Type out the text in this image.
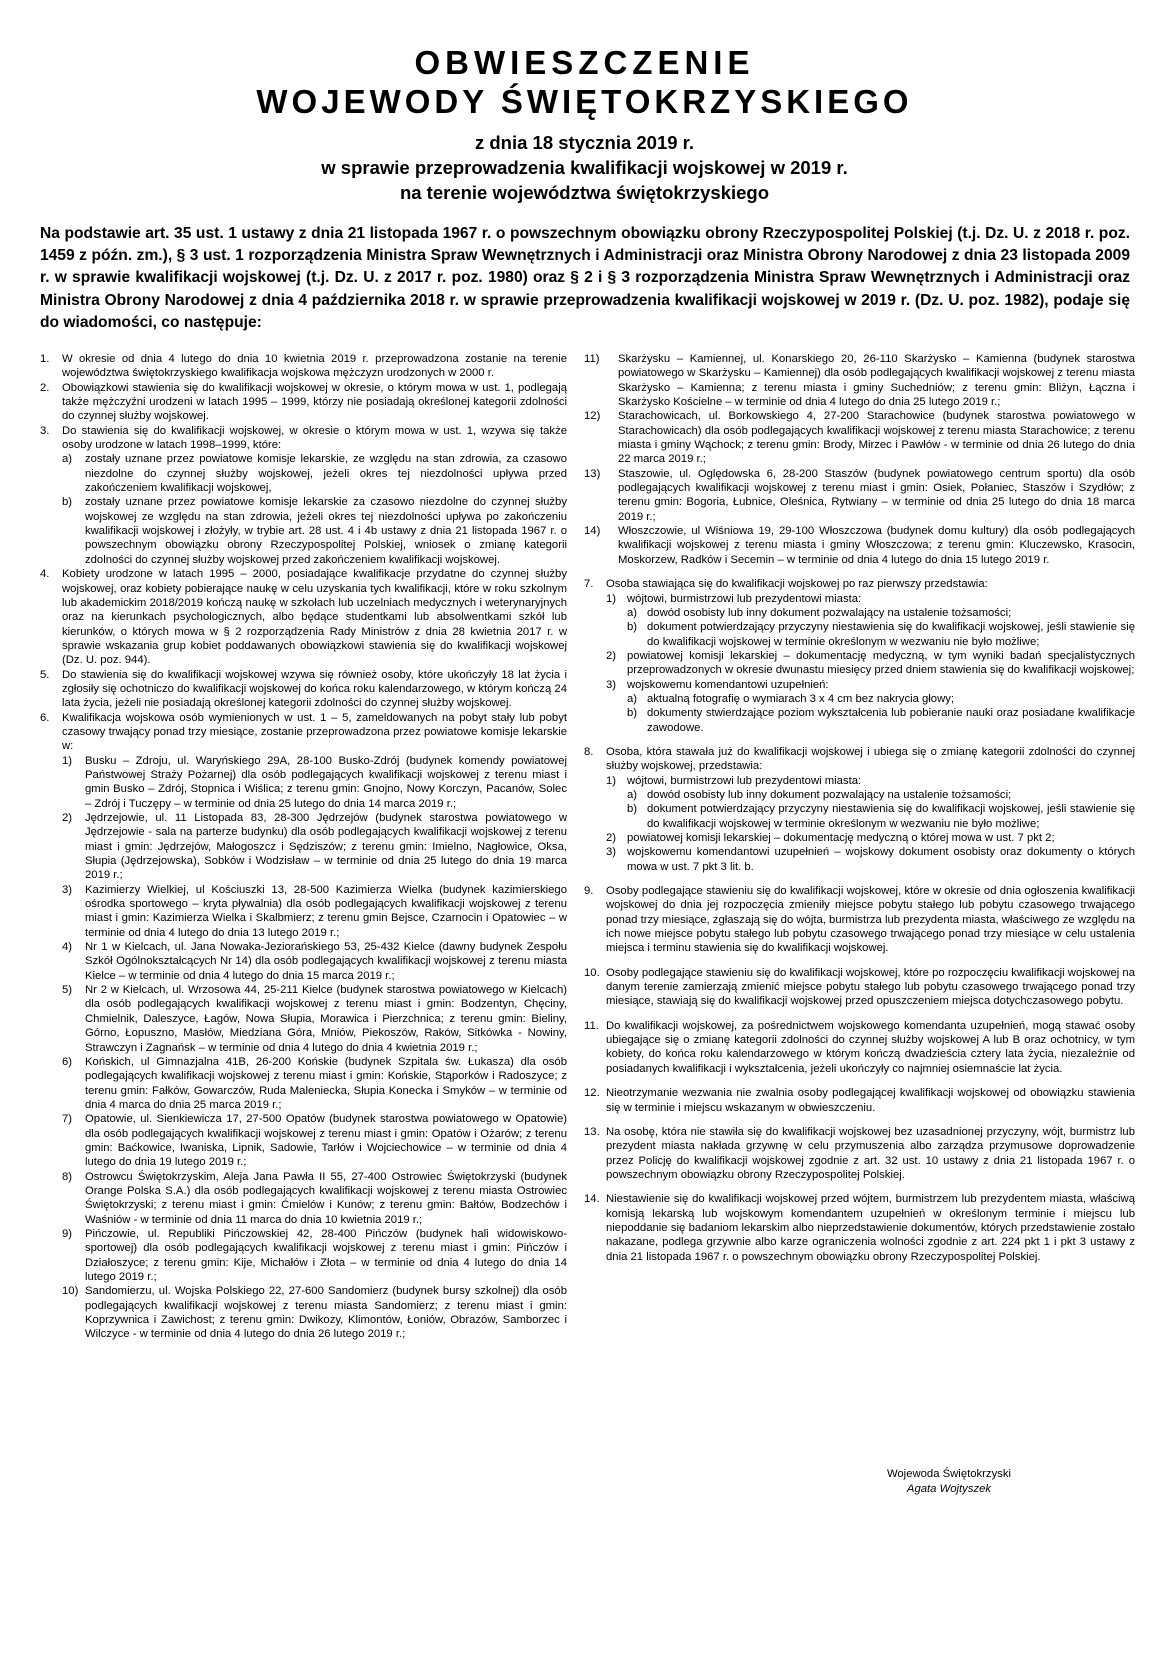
OBWIESZCZENIE
WOJEWODY ŚWIĘTOKRZYSKIEGO
z dnia 18 stycznia 2019 r.
w sprawie przeprowadzenia kwalifikacji wojskowej w 2019 r.
na terenie województwa świętokrzyskiego
Na podstawie art. 35 ust. 1 ustawy z dnia 21 listopada 1967 r. o powszechnym obowiązku obrony Rzeczypospolitej Polskiej (t.j. Dz. U. z 2018 r. poz. 1459 z późn. zm.), § 3 ust. 1 rozporządzenia Ministra Spraw Wewnętrznych i Administracji oraz Ministra Obrony Narodowej z dnia 23 listopada 2009 r. w sprawie kwalifikacji wojskowej (t.j. Dz. U. z 2017 r. poz. 1980) oraz § 2 i § 3 rozporządzenia Ministra Spraw Wewnętrznych i Administracji oraz Ministra Obrony Narodowej z dnia 4 października 2018 r. w sprawie przeprowadzenia kwalifikacji wojskowej w 2019 r. (Dz. U. poz. 1982), podaje się do wiadomości, co następuje:
1. W okresie od dnia 4 lutego do dnia 10 kwietnia 2019 r. przeprowadzona zostanie na terenie województwa świętokrzyskiego kwalifikacja wojskowa mężczyzn urodzonych w 2000 r.
2. Obowiązkowi stawienia się do kwalifikacji wojskowej w okresie, o którym mowa w ust. 1, podlegają także mężczyźni urodzeni w latach 1995 – 1999, którzy nie posiadają określonej kategorii zdolności do czynnej służby wojskowej.
3. Do stawienia się do kwalifikacji wojskowej, w okresie o którym mowa w ust. 1, wzywa się także osoby urodzone w latach 1998–1999, które:
a) zostały uznane przez powiatowe komisje lekarskie, ze względu na stan zdrowia, za czasowo niezdolne do czynnej służby wojskowej, jeżeli okres tej niezdolności upływa przed zakończeniem kwalifikacji wojskowej,
b) zostały uznane przez powiatowe komisje lekarskie za czasowo niezdolne do czynnej służby wojskowej ze względu na stan zdrowia, jeżeli okres tej niezdolności upływa po zakończeniu kwalifikacji wojskowej i złożyły, w trybie art. 28 ust. 4 i 4b ustawy z dnia 21 listopada 1967 r. o powszechnym obowiązku obrony Rzeczypospolitej Polskiej, wniosek o zmianę kategorii zdolności do czynnej służby wojskowej przed zakończeniem kwalifikacji wojskowej.
4. Kobiety urodzone w latach 1995 – 2000, posiadające kwalifikacje przydatne do czynnej służby wojskowej, oraz kobiety pobierające naukę w celu uzyskania tych kwalifikacji, które w roku szkolnym lub akademickim 2018/2019 kończą naukę w szkołach lub uczelniach medycznych i weterynaryjnych oraz na kierunkach psychologicznych, albo będące studentkami lub absolwentkami szkół lub kierunków, o których mowa w § 2 rozporządzenia Rady Ministrów z dnia 28 kwietnia 2017 r. w sprawie wskazania grup kobiet poddawanych obowiązkowi stawienia się do kwalifikacji wojskowej (Dz. U. poz. 944).
5. Do stawienia się do kwalifikacji wojskowej wzywa się również osoby, które ukończyły 18 lat życia i zgłosiły się ochotniczo do kwalifikacji wojskowej do końca roku kalendarzowego, w którym kończą 24 lata życia, jeżeli nie posiadają określonej kategorii zdolności do czynnej służby wojskowej.
6. Kwalifikacja wojskowa osób wymienionych w ust. 1 – 5, zameldowanych na pobyt stały lub pobyt czasowy trwający ponad trzy miesiące, zostanie przeprowadzona przez powiatowe komisje lekarskie w:
1) Busku – Zdroju, ul. Waryńskiego 29A, 28-100 Busko-Zdrój (budynek komendy powiatowej Państwowej Straży Pożarnej) dla osób podlegających kwalifikacji wojskowej z terenu miast i gmin Busko – Zdrój, Stopnica i Wiślica; z terenu gmin: Gnojno, Nowy Korczyn, Pacanów, Solec – Zdrój i Tuczępy – w terminie od dnia 25 lutego do dnia 14 marca 2019 r.;
2) Jędrzejowie, ul. 11 Listopada 83, 28-300 Jędrzejów (budynek starostwa powiatowego w Jędrzejowie - sala na parterze budynku) dla osób podlegających kwalifikacji wojskowej z terenu miast i gmin: Jędrzejów, Małogoszcz i Sędziszów; z terenu gmin: Imielno, Nagłowice, Oksa, Słupia (Jędrzejowska), Sobków i Wodzisław – w terminie od dnia 25 lutego do dnia 19 marca 2019 r.;
3) Kazimierzy Wielkiej, ul Kościuszki 13, 28-500 Kazimierza Wielka (budynek kazimierskiego ośrodka sportowego – kryta pływalnia) dla osób podlegających kwalifikacji wojskowej z terenu miast i gmin: Kazimierza Wielka i Skalbmierz; z terenu gmin Bejsce, Czarnocin i Opatowiec – w terminie od dnia 4 lutego do dnia 13 lutego 2019 r.;
4) Nr 1 w Kielcach, ul. Jana Nowaka-Jeziorańskiego 53, 25-432 Kielce (dawny budynek Zespołu Szkół Ogólnokształcących Nr 14) dla osób podlegających kwalifikacji wojskowej z terenu miasta Kielce – w terminie od dnia 4 lutego do dnia 15 marca 2019 r.;
5) Nr 2 w Kielcach, ul. Wrzosowa 44, 25-211 Kielce (budynek starostwa powiatowego w Kielcach) dla osób podlegających kwalifikacji wojskowej z terenu miast i gmin: Bodzentyn, Chęciny, Chmielnik, Daleszyce, Łagów, Nowa Słupia, Morawica i Pierzchnica; z terenu gmin: Bieliny, Górno, Łopuszno, Masłów, Miedziana Góra, Mniów, Piekoszów, Raków, Sitkówka - Nowiny, Strawczyn i Zagnańsk – w terminie od dnia 4 lutego do dnia 4 kwietnia 2019 r.;
6) Końskich, ul Gimnazjalna 41B, 26-200 Końskie (budynek Szpitala św. Łukasza) dla osób podlegających kwalifikacji wojskowej z terenu miast i gmin: Końskie, Stąporków i Radoszyce; z terenu gmin: Fałków, Gowarczów, Ruda Maleniecka, Słupia Konecka i Smyków – w terminie od dnia 4 marca do dnia 25 marca 2019 r.;
7) Opatowie, ul. Sienkiewicza 17, 27-500 Opatów (budynek starostwa powiatowego w Opatowie) dla osób podlegających kwalifikacji wojskowej z terenu miast i gmin: Opatów i Ożarów; z terenu gmin: Baćkowice, Iwaniska, Lipnik, Sadowie, Tarłów i Wojciechowice – w terminie od dnia 4 lutego do dnia 19 lutego 2019 r.;
8) Ostrowcu Świętokrzyskim, Aleja Jana Pawła II 55, 27-400 Ostrowiec Świętokrzyski (budynek Orange Polska S.A.) dla osób podlegających kwalifikacji wojskowej z terenu miasta Ostrowiec Świętokrzyski; z terenu miast i gmin: Ćmielów i Kunów; z terenu gmin: Bałtów, Bodzechów i Waśniów - w terminie od dnia 11 marca do dnia 10 kwietnia 2019 r.;
9) Pińczowie, ul. Republiki Pińczowskiej 42, 28-400 Pińczów (budynek hali widowiskowo-sportowej) dla osób podlegających kwalifikacji wojskowej z terenu miast i gmin: Pińczów i Działoszyce; z terenu gmin: Kije, Michałów i Złota – w terminie od dnia 4 lutego do dnia 14 lutego 2019 r.;
10) Sandomierzu, ul. Wojska Polskiego 22, 27-600 Sandomierz (budynek bursy szkolnej) dla osób podlegających kwalifikacji wojskowej z terenu miasta Sandomierz; z terenu miast i gmin: Koprzywnica i Zawichost; z terenu gmin: Dwikozy, Klimontów, Łoniów, Obrazów, Samborzec i Wilczyce - w terminie od dnia 4 lutego do dnia 26 lutego 2019 r.;
11) Skarżysku – Kamiennej, ul. Konarskiego 20, 26-110 Skarżysko – Kamienna (budynek starostwa powiatowego w Skarżysku – Kamiennej) dla osób podlegających kwalifikacji wojskowej z terenu miasta Skarżysko – Kamienna; z terenu miasta i gminy Suchedniów; z terenu gmin: Bliżyn, Łączna i Skarżysko Kościelne – w terminie od dnia 4 lutego do dnia 25 lutego 2019 r.;
12) Starachowicach, ul. Borkowskiego 4, 27-200 Starachowice (budynek starostwa powiatowego w Starachowicach) dla osób podlegających kwalifikacji wojskowej z terenu miasta Starachowice; z terenu miasta i gminy Wąchock; z terenu gmin: Brody, Mirzec i Pawłów - w terminie od dnia 26 lutego do dnia 22 marca 2019 r.;
13) Staszowie, ul. Oględowska 6, 28-200 Staszów (budynek powiatowego centrum sportu) dla osób podlegających kwalifikacji wojskowej z terenu miast i gmin: Osiek, Połaniec, Staszów i Szydłów; z terenu gmin: Bogoria, Łubnice, Oleśnica, Rytwiany – w terminie od dnia 25 lutego do dnia 18 marca 2019 r.;
14) Włoszczowie, ul Wiśniowa 19, 29-100 Włoszczowa (budynek domu kultury) dla osób podlegających kwalifikacji wojskowej z terenu miasta i gminy Włoszczowa; z terenu gmin: Kluczewsko, Krasocin, Moskorzew, Radków i Secemin – w terminie od dnia 4 lutego do dnia 15 lutego 2019 r.
7. Osoba stawiająca się do kwalifikacji wojskowej po raz pierwszy przedstawia:
1) wójtowi, burmistrzowi lub prezydentowi miasta:
a) dowód osobisty lub inny dokument pozwalający na ustalenie tożsamości;
b) dokument potwierdzający przyczyny niestawienia się do kwalifikacji wojskowej, jeśli stawienie się do kwalifikacji wojskowej w terminie określonym w wezwaniu nie było możliwe;
2) powiatowej komisji lekarskiej – dokumentację medyczną, w tym wyniki badań specjalistycznych przeprowadzonych w okresie dwunastu miesięcy przed dniem stawienia się do kwalifikacji wojskowej;
3) wojskowemu komendantowi uzupełnień:
a) aktualną fotografię o wymiarach 3 x 4 cm bez nakrycia głowy;
b) dokumenty stwierdzające poziom wykształcenia lub pobieranie nauki oraz posiadane kwalifikacje zawodowe.
8. Osoba, która stawała już do kwalifikacji wojskowej i ubiega się o zmianę kategorii zdolności do czynnej służby wojskowej, przedstawia:
1) wójtowi, burmistrzowi lub prezydentowi miasta:
a) dowód osobisty lub inny dokument pozwalający na ustalenie tożsamości;
b) dokument potwierdzający przyczyny niestawienia się do kwalifikacji wojskowej, jeśli stawienie się do kwalifikacji wojskowej w terminie określonym w wezwaniu nie było możliwe;
2) powiatowej komisji lekarskiej – dokumentację medyczną o której mowa w ust. 7 pkt 2;
3) wojskowemu komendantowi uzupełnień – wojskowy dokument osobisty oraz dokumenty o których mowa w ust. 7 pkt 3 lit. b.
9. Osoby podlegające stawieniu się do kwalifikacji wojskowej, które w okresie od dnia ogłoszenia kwalifikacji wojskowej do dnia jej rozpoczęcia zmieniły miejsce pobytu stałego lub pobytu czasowego trwającego ponad trzy miesiące, zgłaszają się do wójta, burmistrza lub prezydenta miasta, właściwego ze względu na ich nowe miejsce pobytu stałego lub pobytu czasowego trwającego ponad trzy miesiące w celu ustalenia miejsca i terminu stawienia się do kwalifikacji wojskowej.
10. Osoby podlegające stawieniu się do kwalifikacji wojskowej, które po rozpoczęciu kwalifikacji wojskowej na danym terenie zamierzają zmienić miejsce pobytu stałego lub pobytu czasowego trwającego ponad trzy miesiące, stawiają się do kwalifikacji wojskowej przed opuszczeniem miejsca dotychczasowego pobytu.
11. Do kwalifikacji wojskowej, za pośrednictwem wojskowego komendanta uzupełnień, mogą stawać osoby ubiegające się o zmianę kategorii zdolności do czynnej służby wojskowej A lub B oraz ochotnicy, w tym kobiety, do końca roku kalendarzowego w którym kończą dwadzieścia cztery lata życia, niezależnie od posiadanych kwalifikacji i wykształcenia, jeżeli ukończyły co najmniej osiemnaście lat życia.
12. Nieotrzymanie wezwania nie zwalnia osoby podlegającej kwalifikacji wojskowej od obowiązku stawienia się w terminie i miejscu wskazanym w obwieszczeniu.
13. Na osobę, która nie stawiła się do kwalifikacji wojskowej bez uzasadnionej przyczyny, wójt, burmistrz lub prezydent miasta nakłada grzywnę w celu przymuszenia albo zarządza przymusowe doprowadzenie przez Policję do kwalifikacji wojskowej zgodnie z art. 32 ust. 10 ustawy z dnia 21 listopada 1967 r. o powszechnym obowiązku obrony Rzeczypospolitej Polskiej.
14. Niestawienie się do kwalifikacji wojskowej przed wójtem, burmistrzem lub prezydentem miasta, właściwą komisją lekarską lub wojskowym komendantem uzupełnień w określonym terminie i miejscu lub niepoddanie się badaniom lekarskim albo nieprzedstawienie dokumentów, których przedstawienie zostało nakazane, podlega grzywnie albo karze ograniczenia wolności zgodnie z art. 224 pkt 1 i pkt 3 ustawy z dnia 21 listopada 1967 r. o powszechnym obowiązku obrony Rzeczypospolitej Polskiej.
Wojewoda Świętokrzyski
Agata Wojtyszek
